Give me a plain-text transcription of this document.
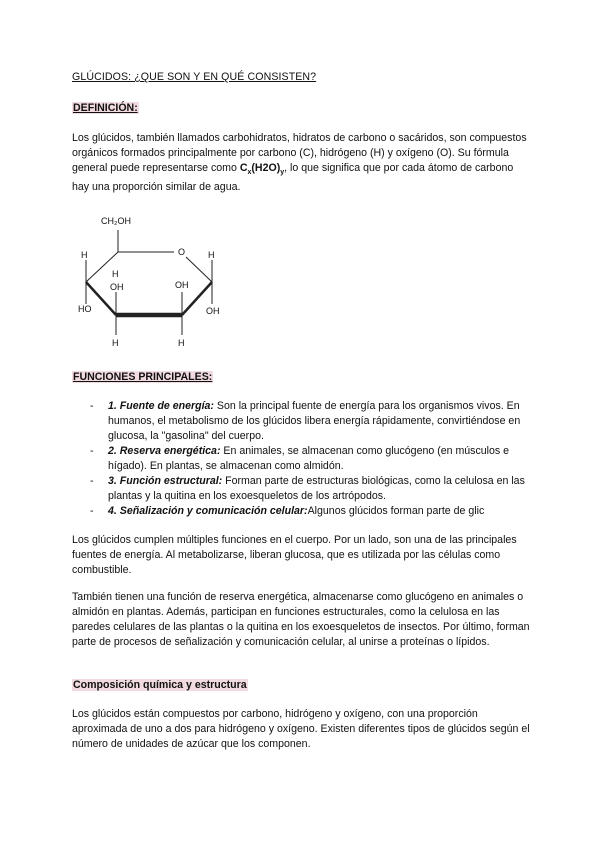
GLÚCIDOS: ¿QUE SON Y EN QUÉ CONSISTEN?
DEFINICIÓN:
Los glúcidos, también llamados carbohidratos, hidratos de carbono o sacáridos, son compuestos orgánicos formados principalmente por carbono (C), hidrógeno (H) y oxígeno (O). Su fórmula general puede representarse como $C_x(H2O)_y$, lo que significa que por cada átomo de carbono hay una proporción similar de agua.
CH₂OH
O
H
H
OH	OH
H
HO	OH
H	H
FUNCIONES PRINCIPALES:
- 1. Fuente de energía: Son la principal fuente de energía para los organismos vivos. En humanos, el metabolismo de los glúcidos libera energía rápidamente, convirtiéndose en glucosa, la "gasolina" del cuerpo.
- 2. Reserva energética: En animales, se almacenan como glucógeno (en músculos e hígado). En plantas, se almacenan como almidón.
- 3. Función estructural: Forman parte de estructuras biológicas, como la celulosa en las plantas y la quitina en los exoesqueletos de los artrópodos.
- 4. Señalización y comunicación celular:Algunos glúcidos forman parte de glic
Los glúcidos cumplen múltiples funciones en el cuerpo. Por un lado, son una de las principales fuentes de energía. Al metabolizarse, liberan glucosa, que es utilizada por las células como combustible.
También tienen una función de reserva energética, almacenarse como glucógeno en animales o almidón en plantas. Además, participan en funciones estructurales, como la celulosa en las paredes celulares de las plantas o la quitina en los exoesqueletos de insectos. Por último, forman parte de procesos de señalización y comunicación celular, al unirse a proteínas o lípidos.
Composición química y estructura
Los glúcidos están compuestos por carbono, hidrógeno y oxígeno, con una proporción aproximada de uno a dos para hidrógeno y oxígeno. Existen diferentes tipos de glúcidos según el número de unidades de azúcar que los componen.
